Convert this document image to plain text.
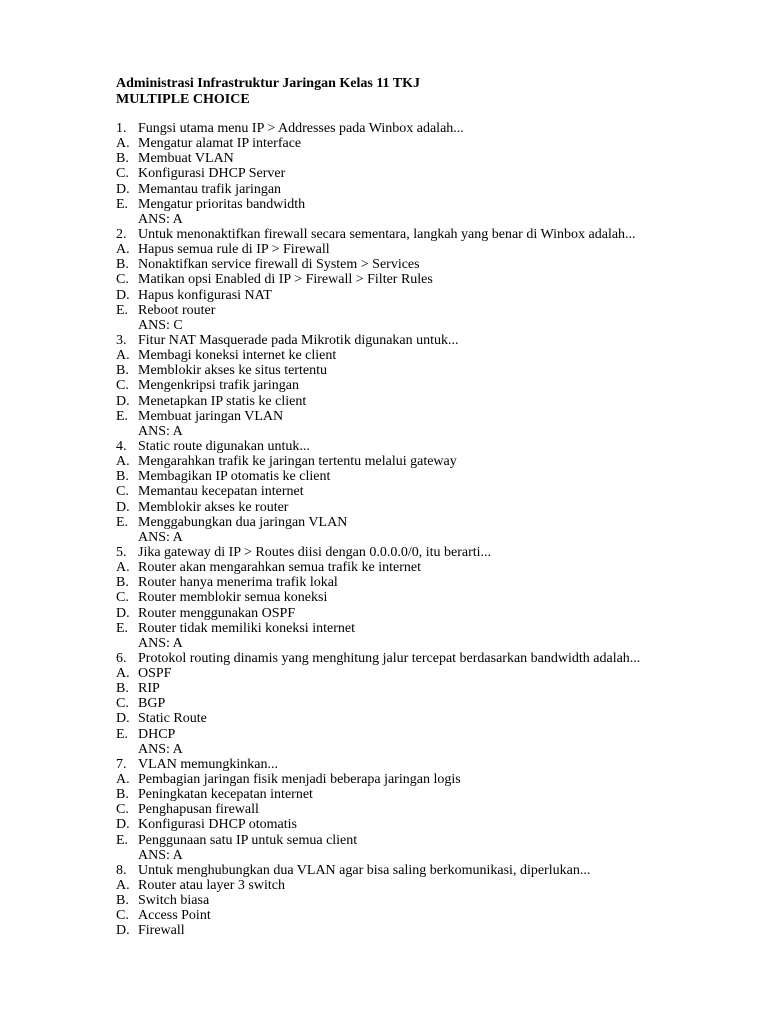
Administrasi Infrastruktur Jaringan Kelas 11 TKJ
MULTIPLE CHOICE
1. Fungsi utama menu IP > Addresses pada Winbox adalah...
A. Mengatur alamat IP interface
B. Membuat VLAN
C. Konfigurasi DHCP Server
D. Memantau trafik jaringan
E. Mengatur prioritas bandwidth
ANS: A
2. Untuk menonaktifkan firewall secara sementara, langkah yang benar di Winbox adalah...
A. Hapus semua rule di IP > Firewall
B. Nonaktifkan service firewall di System > Services
C. Matikan opsi Enabled di IP > Firewall > Filter Rules
D. Hapus konfigurasi NAT
E. Reboot router
ANS: C
3. Fitur NAT Masquerade pada Mikrotik digunakan untuk...
A. Membagi koneksi internet ke client
B. Memblokir akses ke situs tertentu
C. Mengenkripsi trafik jaringan
D. Menetapkan IP statis ke client
E. Membuat jaringan VLAN
ANS: A
4. Static route digunakan untuk...
A. Mengarahkan trafik ke jaringan tertentu melalui gateway
B. Membagikan IP otomatis ke client
C. Memantau kecepatan internet
D. Memblokir akses ke router
E. Menggabungkan dua jaringan VLAN
ANS: A
5. Jika gateway di IP > Routes diisi dengan 0.0.0.0/0, itu berarti...
A. Router akan mengarahkan semua trafik ke internet
B. Router hanya menerima trafik lokal
C. Router memblokir semua koneksi
D. Router menggunakan OSPF
E. Router tidak memiliki koneksi internet
ANS: A
6. Protokol routing dinamis yang menghitung jalur tercepat berdasarkan bandwidth adalah...
A. OSPF
B. RIP
C. BGP
D. Static Route
E. DHCP
ANS: A
7. VLAN memungkinkan...
A. Pembagian jaringan fisik menjadi beberapa jaringan logis
B. Peningkatan kecepatan internet
C. Penghapusan firewall
D. Konfigurasi DHCP otomatis
E. Penggunaan satu IP untuk semua client
ANS: A
8. Untuk menghubungkan dua VLAN agar bisa saling berkomunikasi, diperlukan...
A. Router atau layer 3 switch
B. Switch biasa
C. Access Point
D. Firewall
